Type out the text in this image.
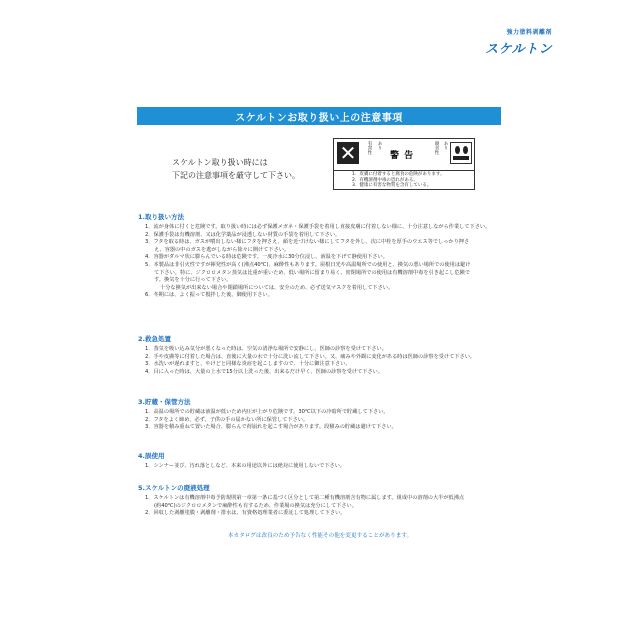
強力塗料剥離剤
スケルトン
スケルトンお取り扱い上の注意事項
スケルトン取り扱い時には
下記の注意事項を厳守して下さい。
✕	有害性	あり
警 告
腐食性 あり
1．皮膚に付着すると腐食の危険があります。
2．有機溶剤中毒の恐れがある。
3．健康に有害な物質を含有している。
1.取り扱い方法
1．流が身体に付くと危険です。取り扱い時には必ず保護メガネ・保護手袋を着用し直接皮膚に付着しない様に、十分注意しながら作業して下さい。
2．保護手袋は有機溶剤、又は化学薬品が浸透しない材質の手袋を着用して下さい。
3．フタを取る時は、ガスが噴出しない様にフタを押さえ、顔を近づけない様にしてフタを外し、次に中栓を厚手のウエス等でしっかり押さ
え、容器の中のガスを逃がしながら徐々に開けて下さい。
4．容器がダルマ状に膨らんでいる時は危険です。一度冷水に30分位浸し、液温を下げて静使用下さい。
5．本製品は非引火性ですが揮発性が高く(沸点40℃)、麻酔性もあります。屋根日光や高温場所での使用と、換気の悪い場所での使用は避け
て下さい。特に、ジクロロメタン蒸気は比重が重いため、低い場所に留まり易く、密閉場所での使用は有機溶剤中毒を引き起こし危険で
す。換気を十分に行って下さい。
十分な換気が出来ない場合や閉鎖場所については、安全のため、必ず送気マスクを着用して下さい。
6．冬期には、よく振って撹拌した後、御使用下さい。
2.救急処置
1．蒸気を吸い込み気分が悪くなった時は、空気の清浄な場所で安静にし、医師の診察を受けて下さい。
2．手や皮膚等に付着した場合は、直後に大量の水で十分に洗い流して下さい。又、痛みや外観に変化がある時は医師の診察を受けて下さい。
3．水洗いが遅れますと、やけどと同様な炎症を起こしますので、十分に御注意下さい。
4．目に入った時は、大量の上水で15分以上洗った後、出来るだけ早く、医師の診察を受けて下さい。
3.貯蔵・保管方法
1．高温の場所での貯蔵は液温が低いため内圧が上がり危険です。30℃以下の冷暗所で貯蔵して下さい。
2．フタをよく締め、必ず、子供の手の届かない所に保管して下さい。
3．容器を積み重ねて置いた場合、膨らんで荷崩れを起こす場合があります。段積みの貯蔵は避けて下さい。
4.誤使用
1．シンナー並び、汚れ落としなど、本来の用途以外には絶対に使用しないで下さい。
5.スケルトンの廃液処理
1．スケルトンは有機溶剤中毒予防規則第一章第一条に基づく区分として第二種有機溶剤含有物に属します。組成中の溶剤の大半が低沸点
(約40℃)のジクロロメタンで麻酔性も有するため、作業場の換気は充分にして下さい。
2．回収した剥離塗膜・剥離剤・排水は、有資格処理業者に委託して処理して下さい。
本カタログは改良のため予告なく性能その他を変更することがあります。
